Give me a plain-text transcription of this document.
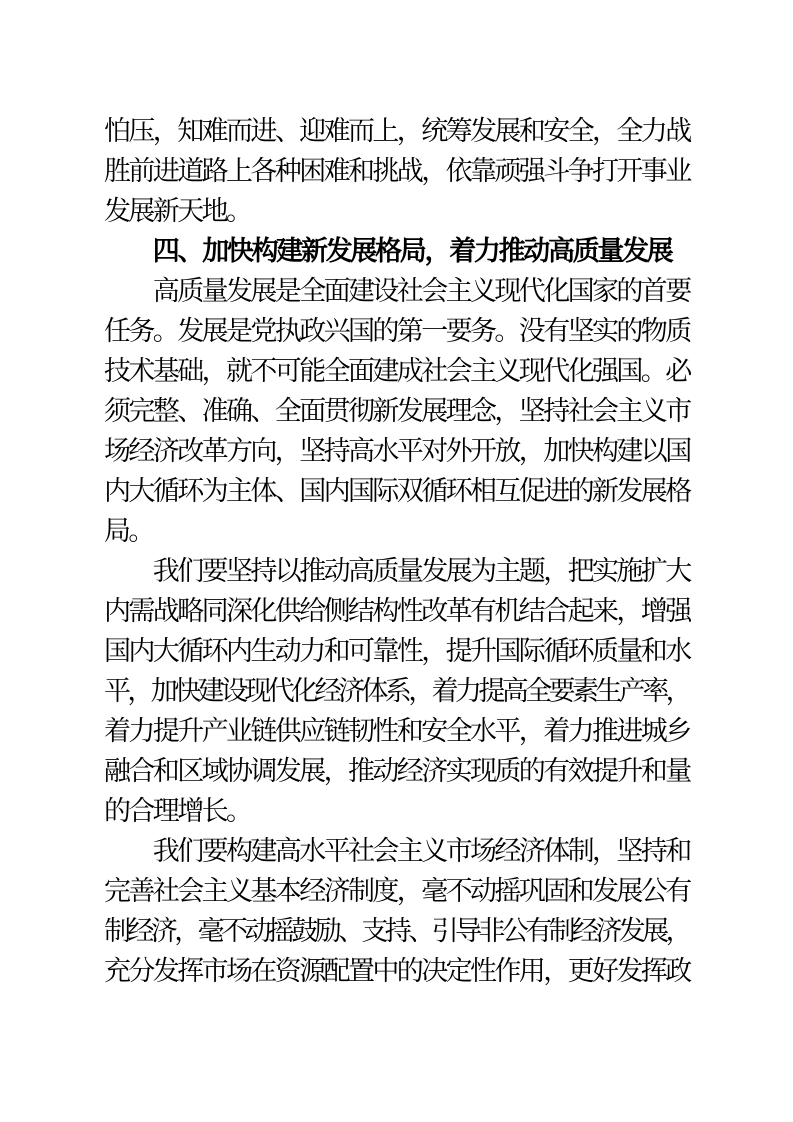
怕压，知难而进、迎难而上，统筹发展和安全，全力战
胜前进道路上各种困难和挑战，依靠顽强斗争打开事业
发展新天地。
四、加快构建新发展格局，着力推动高质量发展
高质量发展是全面建设社会主义现代化国家的首要
任务。发展是党执政兴国的第一要务。没有坚实的物质
技术基础，就不可能全面建成社会主义现代化强国。必
须完整、准确、全面贯彻新发展理念，坚持社会主义市
场经济改革方向，坚持高水平对外开放，加快构建以国
内大循环为主体、国内国际双循环相互促进的新发展格
局。
我们要坚持以推动高质量发展为主题，把实施扩大
内需战略同深化供给侧结构性改革有机结合起来，增强
国内大循环内生动力和可靠性，提升国际循环质量和水
平，加快建设现代化经济体系，着力提高全要素生产率，
着力提升产业链供应链韧性和安全水平，着力推进城乡
融合和区域协调发展，推动经济实现质的有效提升和量
的合理增长。
我们要构建高水平社会主义市场经济体制，坚持和
完善社会主义基本经济制度，毫不动摇巩固和发展公有
制经济，毫不动摇鼓励、支持、引导非公有制经济发展，
充分发挥市场在资源配置中的决定性作用，更好发挥政
